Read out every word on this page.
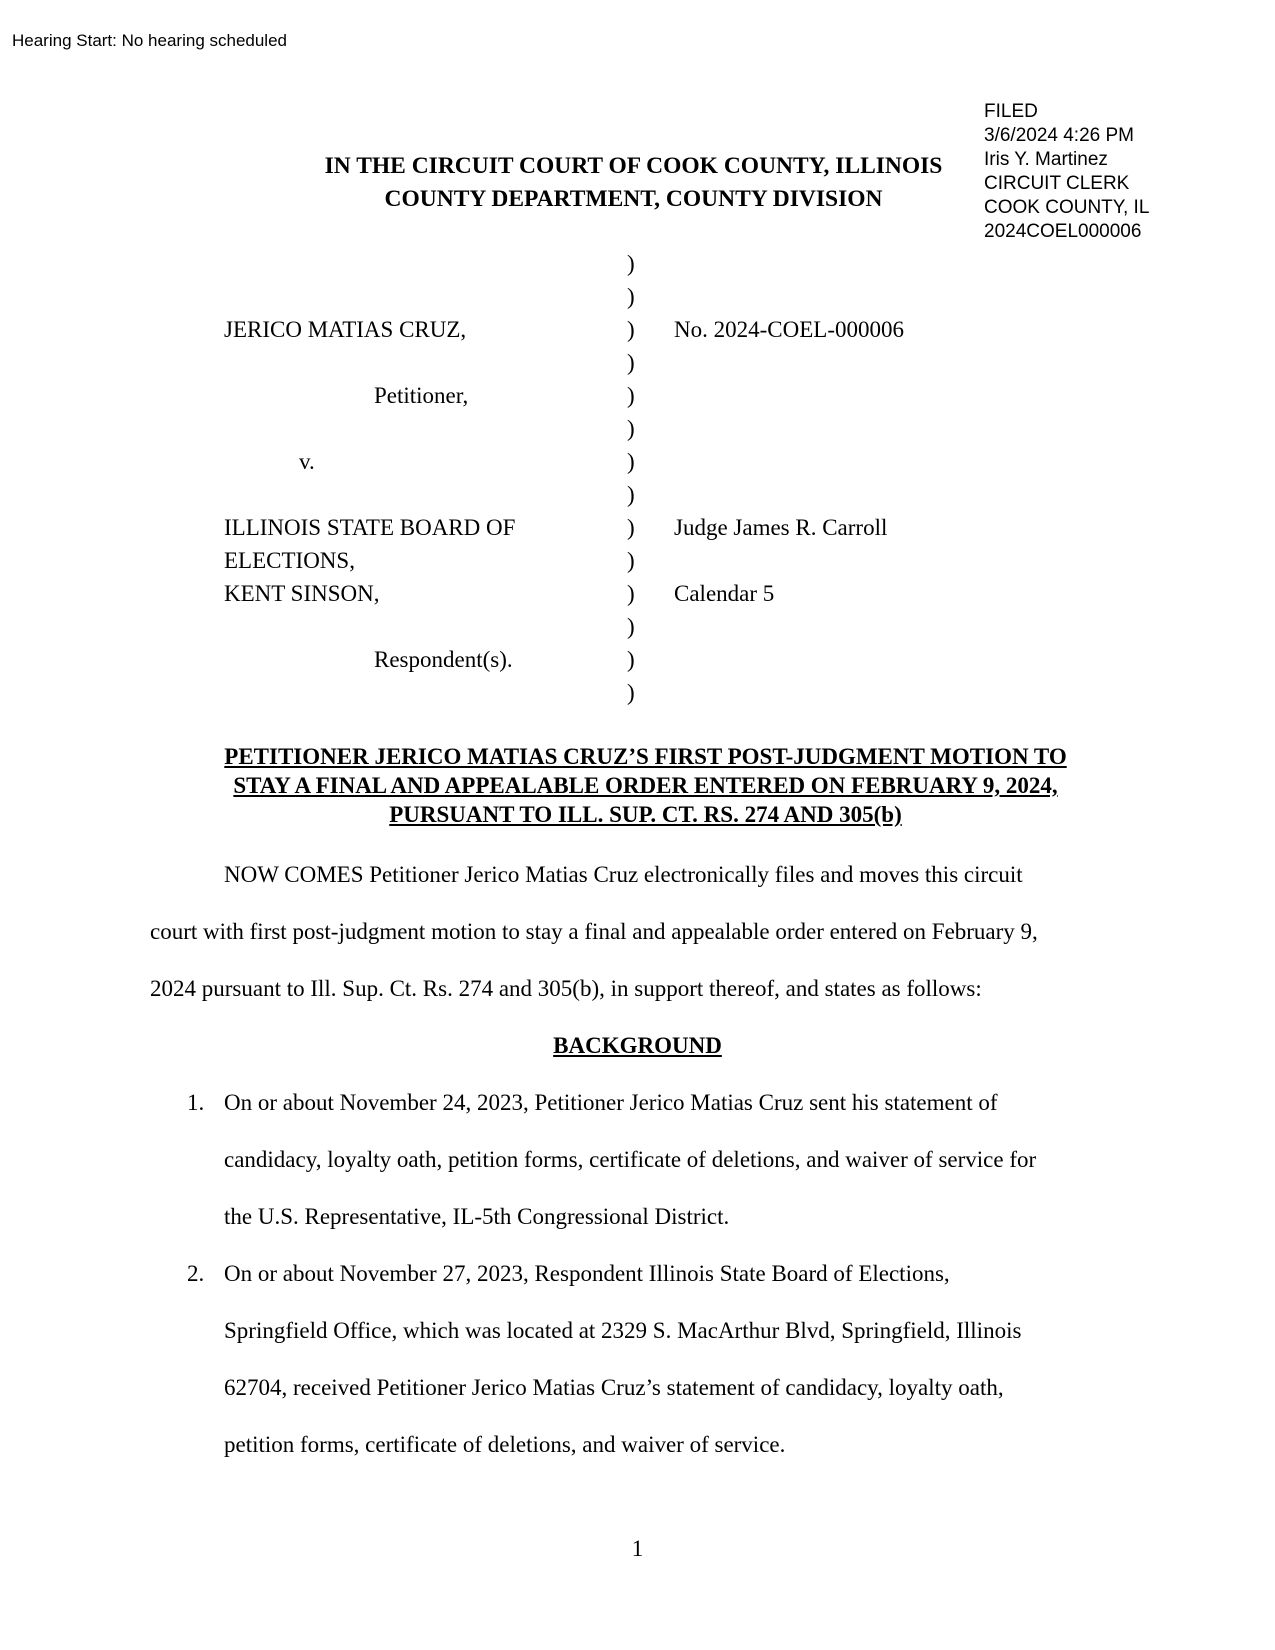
Hearing Start: No hearing scheduled
FILED
3/6/2024 4:26 PM
Iris Y. Martinez
CIRCUIT CLERK
COOK COUNTY, IL
2024COEL000006
IN THE CIRCUIT COURT OF COOK COUNTY, ILLINOIS
COUNTY DEPARTMENT, COUNTY DIVISION
JERICO MATIAS CRUZ,
Petitioner,
v.
ILLINOIS STATE BOARD OF
ELECTIONS,
KENT SINSON,
Respondent(s).
)
)
)
)
)
)
)
)
)
)
)
)
)
)
No. 2024-COEL-000006
Judge James R. Carroll
Calendar 5
PETITIONER JERICO MATIAS CRUZ’S FIRST POST-JUDGMENT MOTION TO
STAY A FINAL AND APPEALABLE ORDER ENTERED ON FEBRUARY 9, 2024,
PURSUANT TO ILL. SUP. CT. RS. 274 AND 305(b)
NOW COMES Petitioner Jerico Matias Cruz electronically files and moves this circuit
court with first post-judgment motion to stay a final and appealable order entered on February 9,
2024 pursuant to Ill. Sup. Ct. Rs. 274 and 305(b), in support thereof, and states as follows:
BACKGROUND
1. On or about November 24, 2023, Petitioner Jerico Matias Cruz sent his statement of
candidacy, loyalty oath, petition forms, certificate of deletions, and waiver of service for
the U.S. Representative, IL-5th Congressional District.
2. On or about November 27, 2023, Respondent Illinois State Board of Elections,
Springfield Office, which was located at 2329 S. MacArthur Blvd, Springfield, Illinois
62704, received Petitioner Jerico Matias Cruz’s statement of candidacy, loyalty oath,
petition forms, certificate of deletions, and waiver of service.
1
